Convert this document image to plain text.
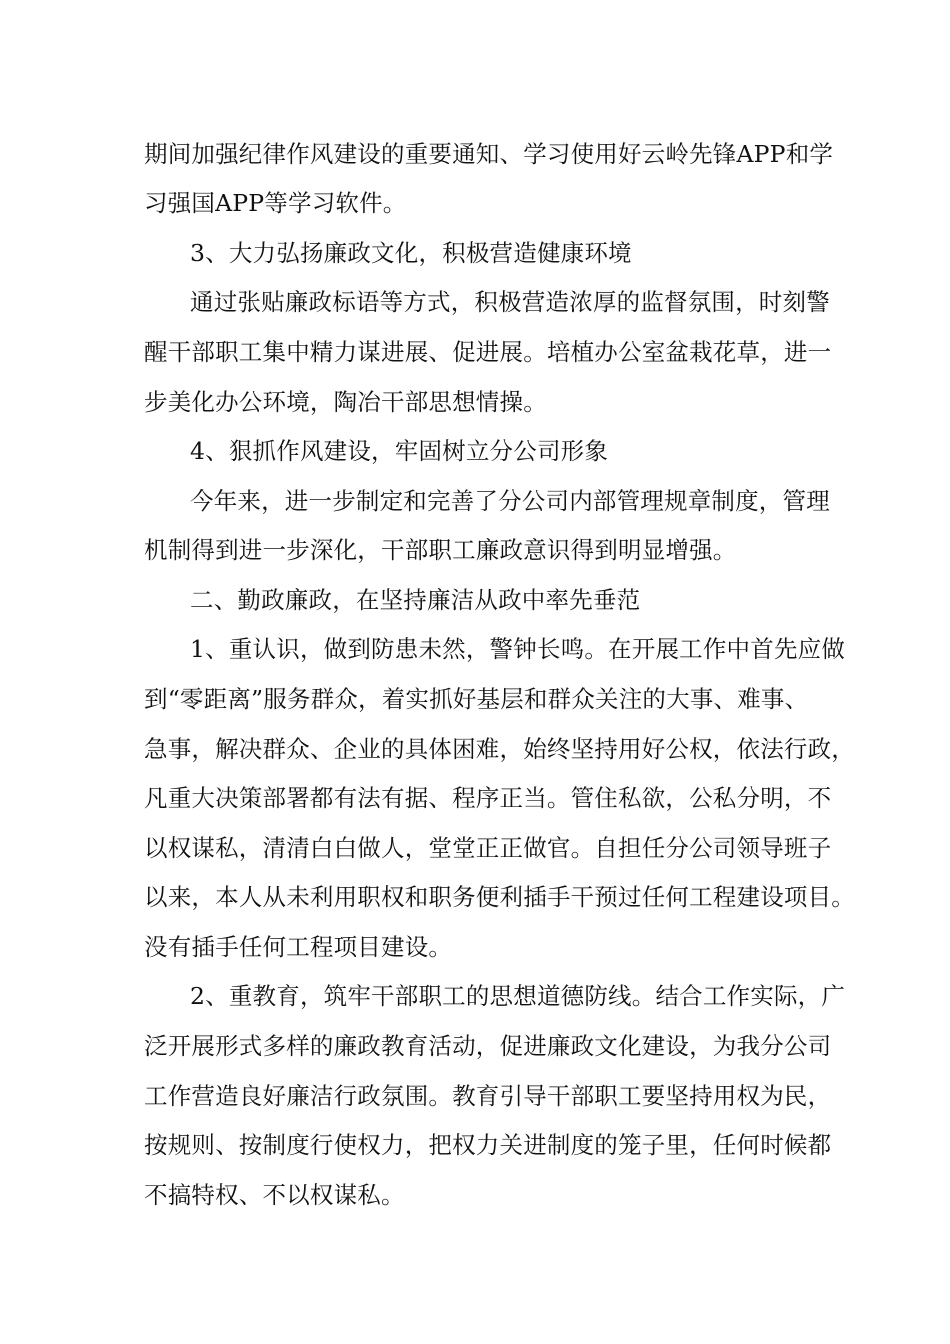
期间加强纪律作风建设的重要通知、学习使用好云岭先锋APP和学
习强国APP等学习软件。
3、大力弘扬廉政文化，积极营造健康环境
通过张贴廉政标语等方式，积极营造浓厚的监督氛围，时刻警
醒干部职工集中精力谋进展、促进展。培植办公室盆栽花草，进一
步美化办公环境，陶冶干部思想情操。
4、狠抓作风建设，牢固树立分公司形象
今年来，进一步制定和完善了分公司内部管理规章制度，管理
机制得到进一步深化，干部职工廉政意识得到明显增强。
二、勤政廉政，在坚持廉洁从政中率先垂范
1、重认识，做到防患未然，警钟长鸣。在开展工作中首先应做
到“零距离”服务群众，着实抓好基层和群众关注的大事、难事、
急事，解决群众、企业的具体困难，始终坚持用好公权，依法行政，
凡重大决策部署都有法有据、程序正当。管住私欲，公私分明，不
以权谋私，清清白白做人，堂堂正正做官。自担任分公司领导班子
以来，本人从未利用职权和职务便利插手干预过任何工程建设项目。
没有插手任何工程项目建设。
2、重教育，筑牢干部职工的思想道德防线。结合工作实际，广
泛开展形式多样的廉政教育活动，促进廉政文化建设，为我分公司
工作营造良好廉洁行政氛围。教育引导干部职工要坚持用权为民，
按规则、按制度行使权力，把权力关进制度的笼子里，任何时候都
不搞特权、不以权谋私。
